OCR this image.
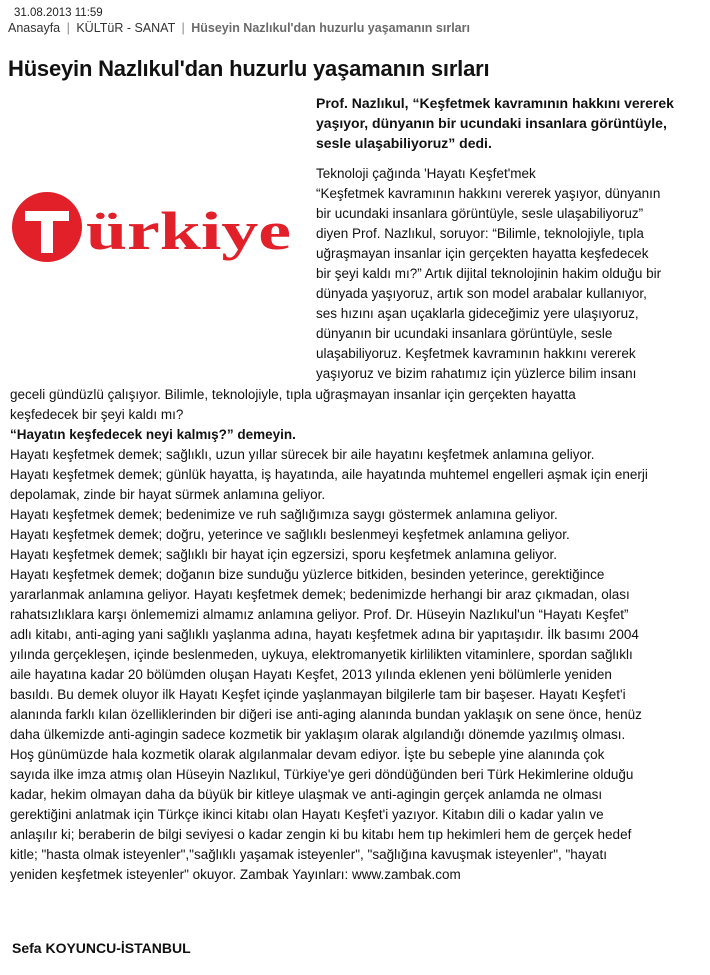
31.08.2013 11:59
Anasayfa | KÜLTüR - SANAT | Hüseyin Nazlıkul'dan huzurlu yaşamanın sırları
Hüseyin Nazlıkul'dan huzurlu yaşamanın sırları
ürkiye
Prof. Nazlıkul, “Keşfetmek kavramının hakkını vererek
yaşıyor, dünyanın bir ucundaki insanlara görüntüyle,
sesle ulaşabiliyoruz” dedi.
Teknoloji çağında 'Hayatı Keşfet'mek
“Keşfetmek kavramının hakkını vererek yaşıyor, dünyanın
bir ucundaki insanlara görüntüyle, sesle ulaşabiliyoruz”
diyen Prof. Nazlıkul, soruyor: “Bilimle, teknolojiyle, tıpla
uğraşmayan insanlar için gerçekten hayatta keşfedecek
bir şeyi kaldı mı?” Artık dijital teknolojinin hakim olduğu bir
dünyada yaşıyoruz, artık son model arabalar kullanıyor,
ses hızını aşan uçaklarla gideceğimiz yere ulaşıyoruz,
dünyanın bir ucundaki insanlara görüntüyle, sesle
ulaşabiliyoruz. Keşfetmek kavramının hakkını vererek
yaşıyoruz ve bizim rahatımız için yüzlerce bilim insanı
geceli gündüzlü çalışıyor. Bilimle, teknolojiyle, tıpla uğraşmayan insanlar için gerçekten hayatta
keşfedecek bir şeyi kaldı mı?
“Hayatın keşfedecek neyi kalmış?” demeyin.
Hayatı keşfetmek demek; sağlıklı, uzun yıllar sürecek bir aile hayatını keşfetmek anlamına geliyor.
Hayatı keşfetmek demek; günlük hayatta, iş hayatında, aile hayatında muhtemel engelleri aşmak için enerji
depolamak, zinde bir hayat sürmek anlamına geliyor.
Hayatı keşfetmek demek; bedenimize ve ruh sağlığımıza saygı göstermek anlamına geliyor.
Hayatı keşfetmek demek; doğru, yeterince ve sağlıklı beslenmeyi keşfetmek anlamına geliyor.
Hayatı keşfetmek demek; sağlıklı bir hayat için egzersizi, sporu keşfetmek anlamına geliyor.
Hayatı keşfetmek demek; doğanın bize sunduğu yüzlerce bitkiden, besinden yeterince, gerektiğince
yararlanmak anlamına geliyor. Hayatı keşfetmek demek; bedenimizde herhangi bir araz çıkmadan, olası
rahatsızlıklara karşı önlememizi almamız anlamına geliyor. Prof. Dr. Hüseyin Nazlıkul'un “Hayatı Keşfet”
adlı kitabı, anti-aging yani sağlıklı yaşlanma adına, hayatı keşfetmek adına bir yapıtaşıdır. İlk basımı 2004
yılında gerçekleşen, içinde beslenmeden, uykuya, elektromanyetik kirlilikten vitaminlere, spordan sağlıklı
aile hayatına kadar 20 bölümden oluşan Hayatı Keşfet, 2013 yılında eklenen yeni bölümlerle yeniden
basıldı. Bu demek oluyor ilk Hayatı Keşfet içinde yaşlanmayan bilgilerle tam bir başeser. Hayatı Keşfet'i
alanında farklı kılan özelliklerinden bir diğeri ise anti-aging alanında bundan yaklaşık on sene önce, henüz
daha ülkemizde anti-agingin sadece kozmetik bir yaklaşım olarak algılandığı dönemde yazılmış olması.
Hoş günümüzde hala kozmetik olarak algılanmalar devam ediyor. İşte bu sebeple yine alanında çok
sayıda ilke imza atmış olan Hüseyin Nazlıkul, Türkiye'ye geri döndüğünden beri Türk Hekimlerine olduğu
kadar, hekim olmayan daha da büyük bir kitleye ulaşmak ve anti-agingin gerçek anlamda ne olması
gerektiğini anlatmak için Türkçe ikinci kitabı olan Hayatı Keşfet'i yazıyor. Kitabın dili o kadar yalın ve
anlaşılır ki; beraberin de bilgi seviyesi o kadar zengin ki bu kitabı hem tıp hekimleri hem de gerçek hedef
kitle; "hasta olmak isteyenler","sağlıklı yaşamak isteyenler", "sağlığına kavuşmak isteyenler", "hayatı
yeniden keşfetmek isteyenler" okuyor. Zambak Yayınları: www.zambak.com

Sefa KOYUNCU-İSTANBUL
